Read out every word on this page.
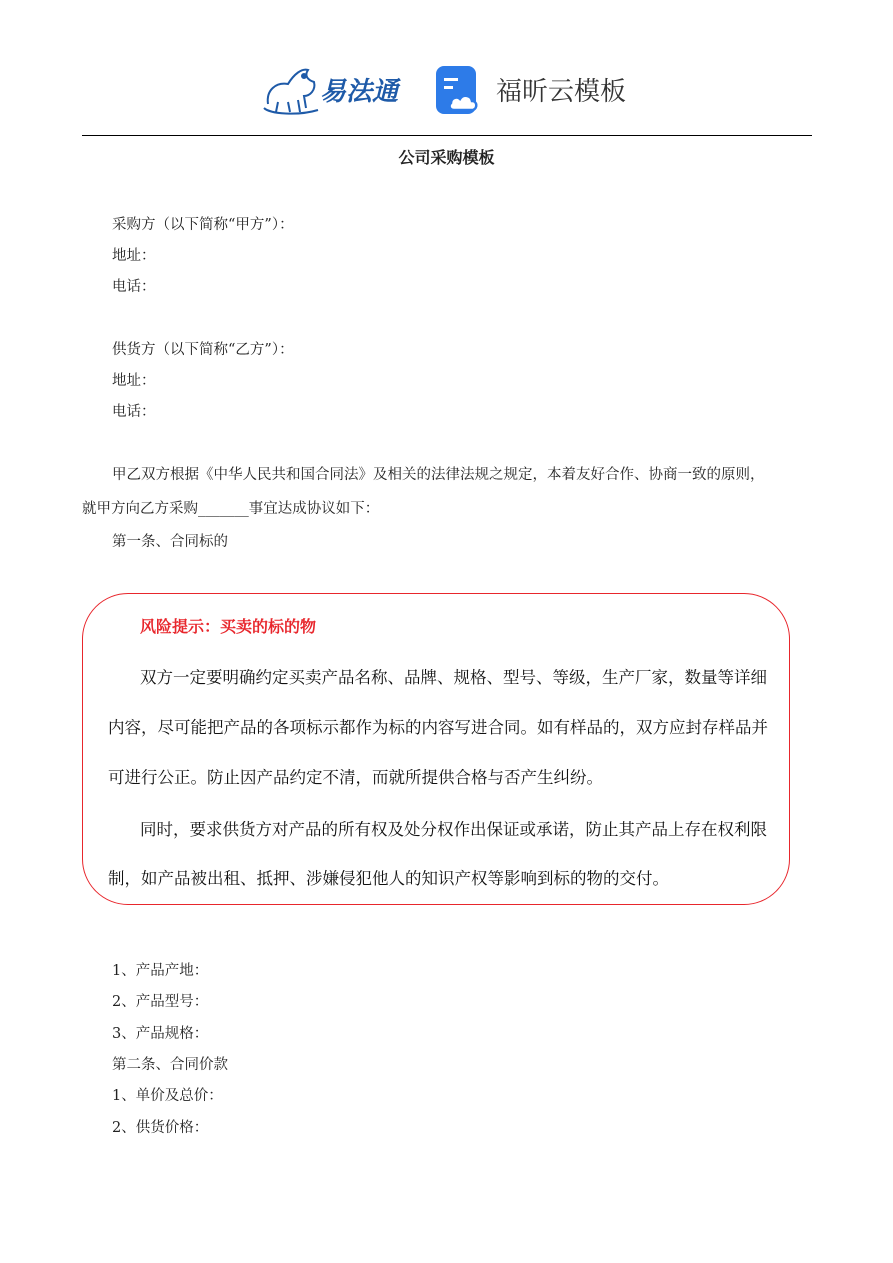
易法通	福昕云模板
公司采购模板
采购方（以下简称“甲方”）：
地址：
电话：
供货方（以下简称“乙方”）：
地址：
电话：
甲乙双方根据《中华人民共和国合同法》及相关的法律法规之规定，本着友好合作、协商一致的原则，
就甲方向乙方采购_______事宜达成协议如下：
第一条、合同标的
风险提示：买卖的标的物
双方一定要明确约定买卖产品名称、品牌、规格、型号、等级，生产厂家，数量等详细
内容，尽可能把产品的各项标示都作为标的内容写进合同。如有样品的，双方应封存样品并
可进行公正。防止因产品约定不清，而就所提供合格与否产生纠纷。
同时，要求供货方对产品的所有权及处分权作出保证或承诺，防止其产品上存在权利限
制，如产品被出租、抵押、涉嫌侵犯他人的知识产权等影响到标的物的交付。
1、产品产地：
2、产品型号：
3、产品规格：
第二条、合同价款
1、单价及总价：
2、供货价格：
